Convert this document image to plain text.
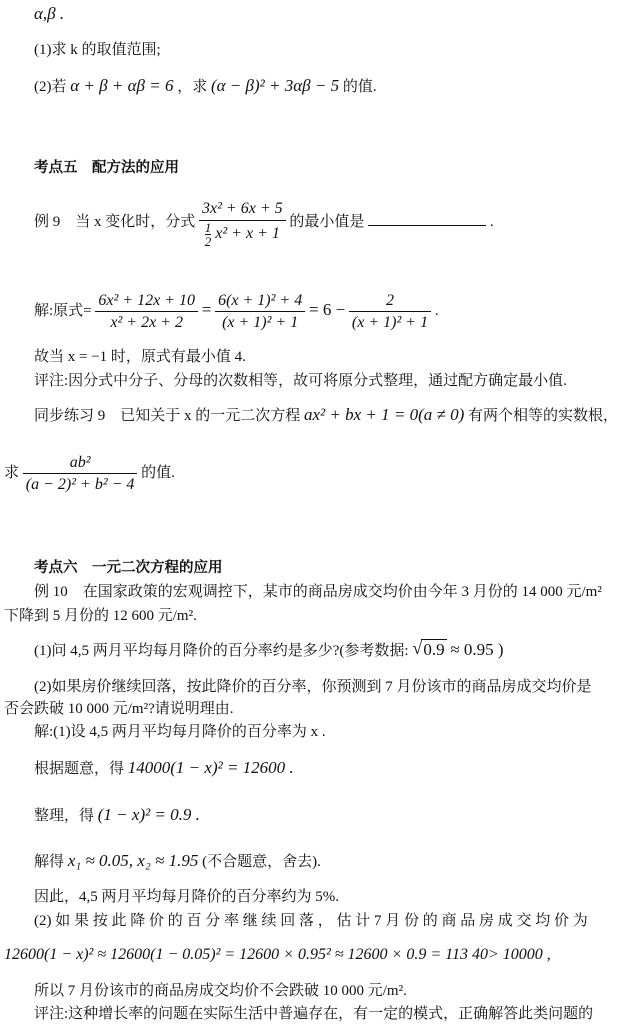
α,β .
(1)求 k 的取值范围;
(2)若 α + β + αβ = 6 ，求 (α − β)² + 3αβ − 5 的值.
考点五　配方法的应用
例 9　当 x 变化时，分式 $\frac{\text{3x² + 6x + 5}}{\frac{1}{2} x^2 + x + 1}$ 的最小值是	.
解:原式= $\frac{\text{6x² + 12x + 10}}{\text{x² + 2x + 2}} = \frac{\text{6(x + 1)² + 4}}{\text{(x + 1)² + 1}} = 6 - \frac{2}{\text{(x + 1)² + 1}}$ .
故当 x = −1 时，原式有最小值 4.
评注:因分式中分子、分母的次数相等，故可将原分式整理，通过配方确定最小值.
同步练习 9　已知关于 x 的一元二次方程 ax² + bx + 1 = 0(a ≠ 0) 有两个相等的实数根，
求 $\frac{\text{ab²}}{\text{(a − 2)² + b² − 4}}$ 的值.
考点六　一元二次方程的应用
例 10　在国家政策的宏观调控下，某市的商品房成交均价由今年 3 月份的 14 000 元/m²
下降到 5 月份的 12 600 元/m².
(1)问 4,5 两月平均每月降价的百分率约是多少?(参考数据: √ 0.9 ≈ 0.95 )
(2)如果房价继续回落，按此降价的百分率，你预测到 7 月份该市的商品房成交均价是
否会跌破 10 000 元/m²?请说明理由.
解:(1)设 4,5 两月平均每月降价的百分率为 x .
根据题意，得 14000(1 − x)² = 12600 .
整理，得 (1 − x)² = 0.9 .
解得 x₁ ≈ 0.05, x₂ ≈ 1.95 (不合题意，舍去).
因此，4,5 两月平均每月降价的百分率约为 5%.
(2) 如 果 按 此 降 价 的 百 分 率 继 续 回 落 ， 估 计 7 月 份 的 商 品 房 成 交 均 价 为
12600(1 − x)² ≈ 12600(1 − 0.05)² = 12600 × 0.95² ≈ 12600 × 0.9 = 113 40> 10000 ,
所以 7 月份该市的商品房成交均价不会跌破 10 000 元/m².
评注:这种增长率的问题在实际生活中普遍存在，有一定的模式，正确解答此类问题的
